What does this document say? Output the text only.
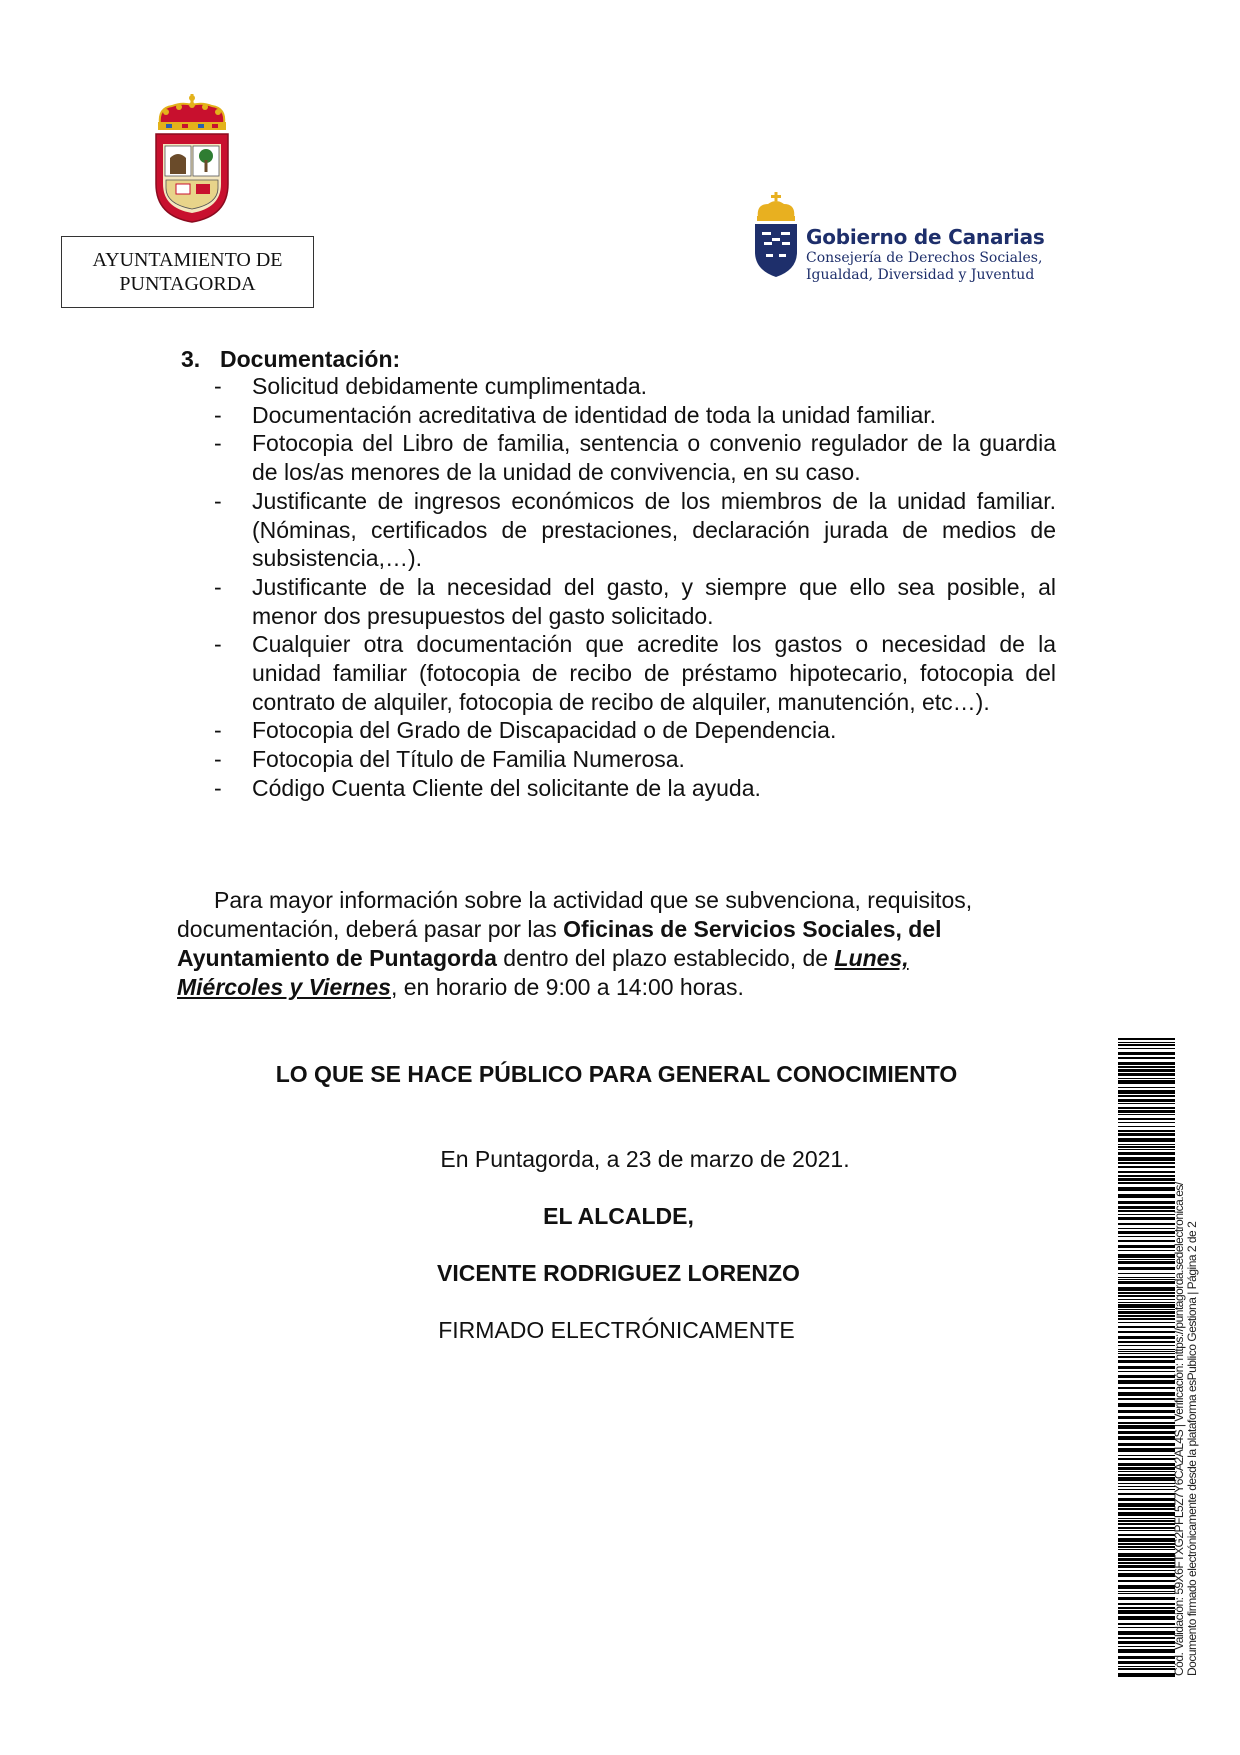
AYUNTAMIENTO DE
PUNTAGORDA
Gobierno de Canarias
Consejería de Derechos Sociales,
Igualdad, Diversidad y Juventud
3. Documentación:
- Solicitud debidamente cumplimentada.
- Documentación acreditativa de identidad de toda la unidad familiar.
- Fotocopia del Libro de familia, sentencia o convenio regulador de la guardia de los/as menores de la unidad de convivencia, en su caso.
- Justificante de ingresos económicos de los miembros de la unidad familiar. (Nóminas, certificados de prestaciones, declaración jurada de medios de subsistencia,…).
- Justificante de la necesidad del gasto, y siempre que ello sea posible, al menor dos presupuestos del gasto solicitado.
- Cualquier otra documentación que acredite los gastos o necesidad de la unidad familiar (fotocopia de recibo de préstamo hipotecario, fotocopia del contrato de alquiler, fotocopia de recibo de alquiler, manutención, etc…).
- Fotocopia del Grado de Discapacidad o de Dependencia.
- Fotocopia del Título de Familia Numerosa.
- Código Cuenta Cliente del solicitante de la ayuda.
Para mayor información sobre la actividad que se subvenciona, requisitos, documentación, deberá pasar por las Oficinas de Servicios Sociales, del Ayuntamiento de Puntagorda dentro del plazo establecido, de Lunes,
Miércoles y Viernes, en horario de 9:00 a 14:00 horas.
LO QUE SE HACE PÚBLICO PARA GENERAL CONOCIMIENTO
En Puntagorda, a 23 de marzo de 2021.
EL ALCALDE,
VICENTE RODRIGUEZ LORENZO
FIRMADO ELECTRÓNICAMENTE	Cód. Validación: 59X6FTXG2PFL5Z7Y6CA2AL4S | Verificación: https://puntagorda.sedelectronica.es/ Documento firmado electrónicamente desde la plataforma esPublico Gestiona | Página 2 de 2
